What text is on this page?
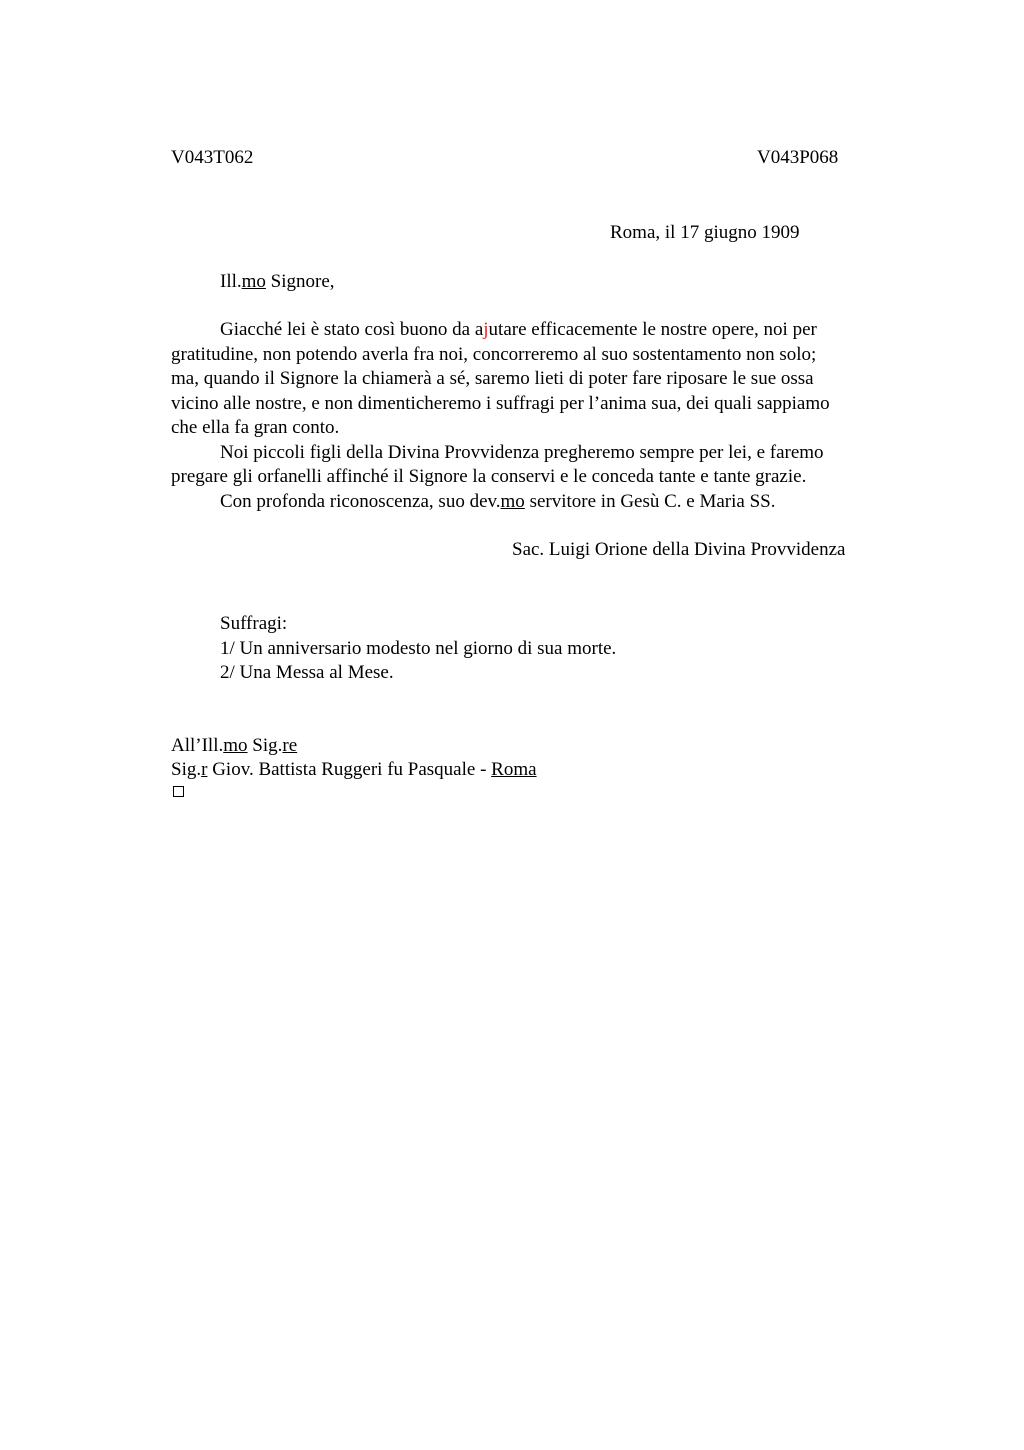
V043T062	V043P068
Roma, il 17 giugno 1909
Ill.mo Signore,
Giacché lei è stato così buono da ajutare efficacemente le nostre opere, noi per
gratitudine, non potendo averla fra noi, concorreremo al suo sostentamento non solo;
ma, quando il Signore la chiamerà a sé, saremo lieti di poter fare riposare le sue ossa
vicino alle nostre, e non dimenticheremo i suffragi per l’anima sua, dei quali sappiamo
che ella fa gran conto.
Noi piccoli figli della Divina Provvidenza pregheremo sempre per lei, e faremo
pregare gli orfanelli affinché il Signore la conservi e le conceda tante e tante grazie.
Con profonda riconoscenza, suo dev.mo servitore in Gesù C. e Maria SS.
Sac. Luigi Orione della Divina Provvidenza
Suffragi:
1/ Un anniversario modesto nel giorno di sua morte.
2/ Una Messa al Mese.
All’Ill.mo Sig.re
Sig.r Giov. Battista Ruggeri fu Pasquale - Roma
